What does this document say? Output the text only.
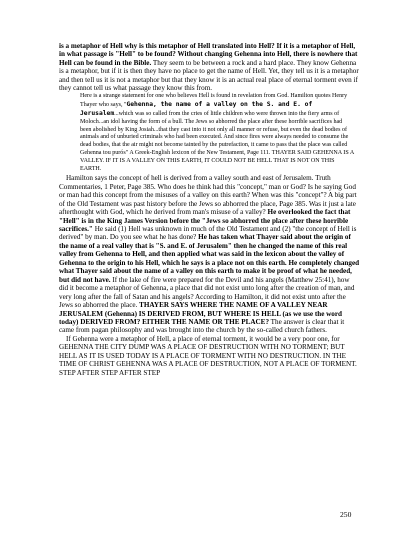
is a metaphor of Hell why is this metaphor of Hell translated into Hell? If it is a metaphor of Hell, in what passage is "Hell" to be found? Without changing Gehenna into Hell, there is nowhere that Hell can be found in the Bible. They seem to be between a rock and a hard place. They know Gehenna is a metaphor, but if it is then they have no place to get the name of Hell. Yet, they tell us it is a metaphor and then tell us it is not a metaphor but that they know it is an actual real place of eternal torment even if they cannot tell us what passage they know this from.

Here is a strange statement for one who believes Hell is found in revelation from God. Hamilton quotes Henry Thayer who says, "Gehenna, the name of a valley on the S. and E. of Jerusalem...which was so called from the cries of little children who were thrown into the fiery arms of Moloch...an idol having the form of a bull. The Jews so abhorred the place after these horrible sacrifices had been abolished by King Josiah...that they cast into it not only all manner or refuse, but even the dead bodies of animals and of unburied criminals who had been executed. And since fires were always needed to consume the dead bodies, that the air might not become tainted by the putrefaction, it came to pass that the place was called Gehenna tou purós" A Greek-English lexicon of the New Testament, Page 111. THAYER SAID GEHENNA IS A VALLEY. IF IT IS A VALLEY ON THIS EARTH, IT COULD NOT BE HELL THAT IS NOT ON THIS EARTH.

Hamilton says the concept of hell is derived from a valley south and east of Jerusalem. Truth Commentaries, 1 Peter, Page 385. Who does he think had this "concept," man or God? Is he saying God or man had this concept from the misuses of a valley on this earth? When was this "concept"? A big part of the Old Testament was past history before the Jews so abhorred the place, Page 385. Was it just a late afterthought with God, which he derived from man's misuse of a valley? He overlooked the fact that "Hell" is in the King James Version before the "Jews so abhorred the place after these horrible sacrifices." He said (1) Hell was unknown in much of the Old Testament and (2) "the concept of Hell is derived" by man. Do you see what he has done? He has taken what Thayer said about the origin of the name of a real valley that is "S. and E. of Jerusalem" then he changed the name of this real valley from Gehenna to Hell, and then applied what was said in the lexicon about the valley of Gehenna to the origin to his Hell, which he says is a place not on this earth. He completely changed what Thayer said about the name of a valley on this earth to make it be proof of what he needed, but did not have. If the lake of fire were prepared for the Devil and his angels (Matthew 25:41), how did it become a metaphor of Gehenna, a place that did not exist unto long after the creation of man, and very long after the fall of Satan and his angels? According to Hamilton, it did not exist unto after the Jews so abhorred the place. THAYER SAYS WHERE THE NAME OF A VALLEY NEAR JERUSALEM (Gehenna) IS DERIVED FROM, BUT WHERE IS HELL (as we use the word today) DERIVED FROM? EITHER THE NAME OR THE PLACE? The answer is clear that it came from pagan philosophy and was brought into the church by the so-called church fathers.

If Gehenna were a metaphor of Hell, a place of eternal torment, it would be a very poor one, for GEHENNA THE CITY DUMP WAS A PLACE OF DESTRUCTION WITH NO TORMENT; BUT HELL AS IT IS USED TODAY IS A PLACE OF TORMENT WITH NO DESTRUCTION. IN THE TIME OF CHRIST GEHENNA WAS A PLACE OF DESTRUCTION, NOT A PLACE OF TORMENT.

STEP AFTER STEP AFTER STEP

250
